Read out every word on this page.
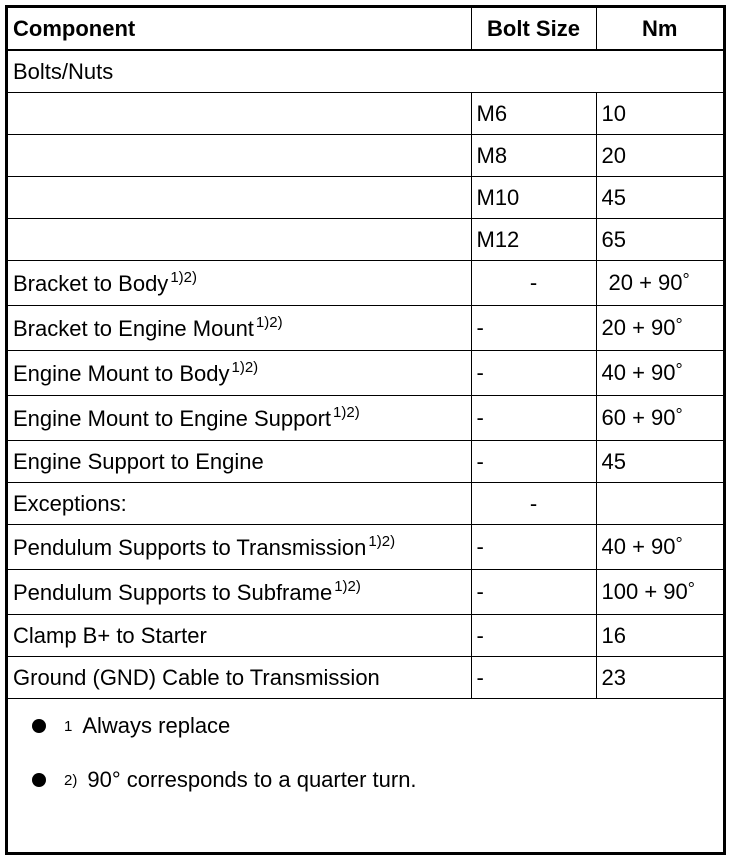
Component	Bolt Size	Nm
Bolts/Nuts		
	M6	10
	M8	20
	M10	45
	M12	65
Bracket to Body $^{1)2)}$	-	20 + 90°
Bracket to Engine Mount $^{1)2)}$	-	20 + 90°
Engine Mount to Body $^{1)2)}$	-	40 + 90°
Engine Mount to Engine Support $^{1)2)}$	-	60 + 90°
Engine Support to Engine	-	45
Exceptions:	-	
Pendulum Supports to Transmission $^{1)2)}$	-	40 + 90°
Pendulum Supports to Subframe $^{1)2)}$	-	100 + 90°
Clamp B+ to Starter	-	16
Ground (GND) Cable to Transmission	-	23
1 Always replace
2) 90° corresponds to a quarter turn.
